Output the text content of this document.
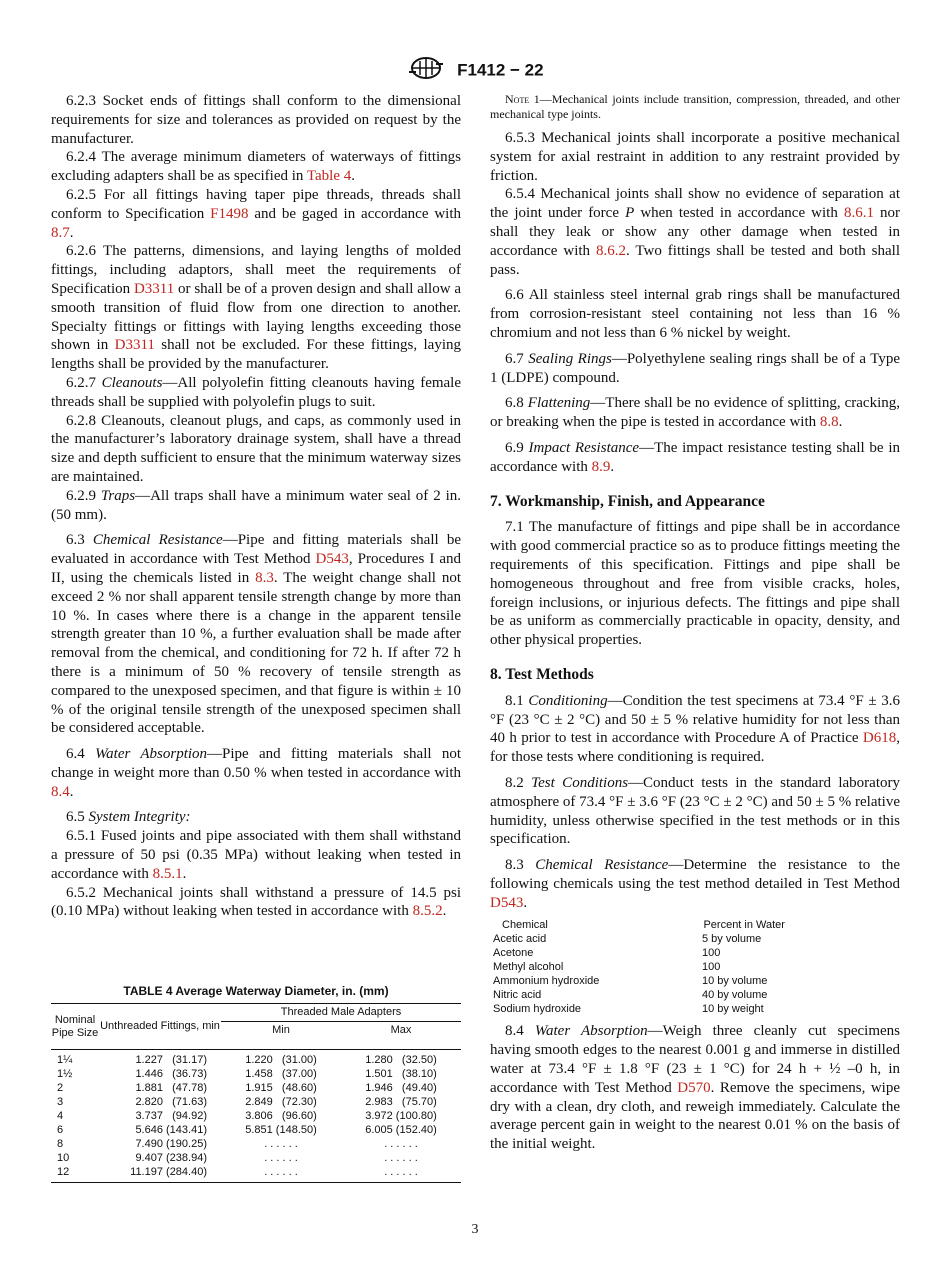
F1412 − 22

6.2.3 Socket ends of fittings shall conform to the dimensional requirements for size and tolerances as provided on request by the manufacturer.

6.2.4 The average minimum diameters of waterways of fittings excluding adapters shall be as specified in Table 4.

6.2.5 For all fittings having taper pipe threads, threads shall conform to Specification F1498 and be gaged in accordance with 8.7.

6.2.6 The patterns, dimensions, and laying lengths of molded fittings, including adaptors, shall meet the requirements of Specification D3311 or shall be of a proven design and shall allow a smooth transition of fluid flow from one direction to another. Specialty fittings or fittings with laying lengths exceeding those shown in D3311 shall not be excluded. For these fittings, laying lengths shall be provided by the manufacturer.

6.2.7 Cleanouts—All polyolefin fitting cleanouts having female threads shall be supplied with polyolefin plugs to suit.

6.2.8 Cleanouts, cleanout plugs, and caps, as commonly used in the manufacturer’s laboratory drainage system, shall have a thread size and depth sufficient to ensure that the minimum waterway sizes are maintained.

6.2.9 Traps—All traps shall have a minimum water seal of 2 in. (50 mm).

6.3 Chemical Resistance—Pipe and fitting materials shall be evaluated in accordance with Test Method D543, Procedures I and II, using the chemicals listed in 8.3. The weight change shall not exceed 2 % nor shall apparent tensile strength change by more than 10 %. In cases where there is a change in the apparent tensile strength greater than 10 %, a further evaluation shall be made after removal from the chemical, and conditioning for 72 h. If after 72 h there is a minimum of 50 % recovery of tensile strength as compared to the unexposed specimen, and that figure is within ± 10 % of the original tensile strength of the unexposed specimen shall be considered acceptable.

6.4 Water Absorption—Pipe and fitting materials shall not change in weight more than 0.50 % when tested in accordance with 8.4.

6.5 System Integrity:

6.5.1 Fused joints and pipe associated with them shall withstand a pressure of 50 psi (0.35 MPa) without leaking when tested in accordance with 8.5.1.

6.5.2 Mechanical joints shall withstand a pressure of 14.5 psi (0.10 MPa) without leaking when tested in accordance with 8.5.2.

TABLE 4 Average Waterway Diameter, in. (mm)
Nominal Pipe Size	Unthreaded Fittings, min	Threaded Male Adapters	
		Min	Max
1¼	1.227   (31.17)	1.220   (31.00)	1.280   (32.50)
1½	1.446   (36.73)	1.458   (37.00)	1.501   (38.10)
2	1.881   (47.78)	1.915   (48.60)	1.946   (49.40)
3	2.820   (71.63)	2.849   (72.30)	2.983   (75.70)
4	3.737   (94.92)	3.806   (96.60)	3.972 (100.80)
6	5.646 (143.41)	5.851 (148.50)	6.005 (152.40)
8	7.490 (190.25)	. . . . . .	. . . . . .
10	9.407 (238.94)	. . . . . .	. . . . . .
12	11.197 (284.40)	. . . . . .	. . . . . .

Note 1—Mechanical joints include transition, compression, threaded, and other mechanical type joints.

6.5.3 Mechanical joints shall incorporate a positive mechanical system for axial restraint in addition to any restraint provided by friction.

6.5.4 Mechanical joints shall show no evidence of separation at the joint under force P when tested in accordance with 8.6.1 nor shall they leak or show any other damage when tested in accordance with 8.6.2. Two fittings shall be tested and both shall pass.

6.6 All stainless steel internal grab rings shall be manufactured from corrosion-resistant steel containing not less than 16 % chromium and not less than 6 % nickel by weight.

6.7 Sealing Rings—Polyethylene sealing rings shall be of a Type 1 (LDPE) compound.

6.8 Flattening—There shall be no evidence of splitting, cracking, or breaking when the pipe is tested in accordance with 8.8.

6.9 Impact Resistance—The impact resistance testing shall be in accordance with 8.9.

7. Workmanship, Finish, and Appearance

7.1 The manufacture of fittings and pipe shall be in accordance with good commercial practice so as to produce fittings meeting the requirements of this specification. Fittings and pipe shall be homogeneous throughout and free from visible cracks, holes, foreign inclusions, or injurious defects. The fittings and pipe shall be as uniform as commercially practicable in opacity, density, and other physical properties.

8. Test Methods

8.1 Conditioning—Condition the test specimens at 73.4 °F ± 3.6 °F (23 °C ± 2 °C) and 50 ± 5 % relative humidity for not less than 40 h prior to test in accordance with Procedure A of Practice D618, for those tests where conditioning is required.

8.2 Test Conditions—Conduct tests in the standard laboratory atmosphere of 73.4 °F ± 3.6 °F (23 °C ± 2 °C) and 50 ± 5 % relative humidity, unless otherwise specified in the test methods or in this specification.

8.3 Chemical Resistance—Determine the resistance to the following chemicals using the test method detailed in Test Method D543.

Chemical	Percent in Water
Acetic acid	5 by volume
Acetone	100
Methyl alcohol	100
Ammonium hydroxide	10 by volume
Nitric acid	40 by volume
Sodium hydroxide	10 by weight

8.4 Water Absorption—Weigh three cleanly cut specimens having smooth edges to the nearest 0.001 g and immerse in distilled water at 73.4 °F ± 1.8 °F (23 ± 1 °C) for 24 h + ½ –0 h, in accordance with Test Method D570. Remove the specimens, wipe dry with a clean, dry cloth, and reweigh immediately. Calculate the average percent gain in weight to the nearest 0.01 % on the basis of the initial weight.

3
